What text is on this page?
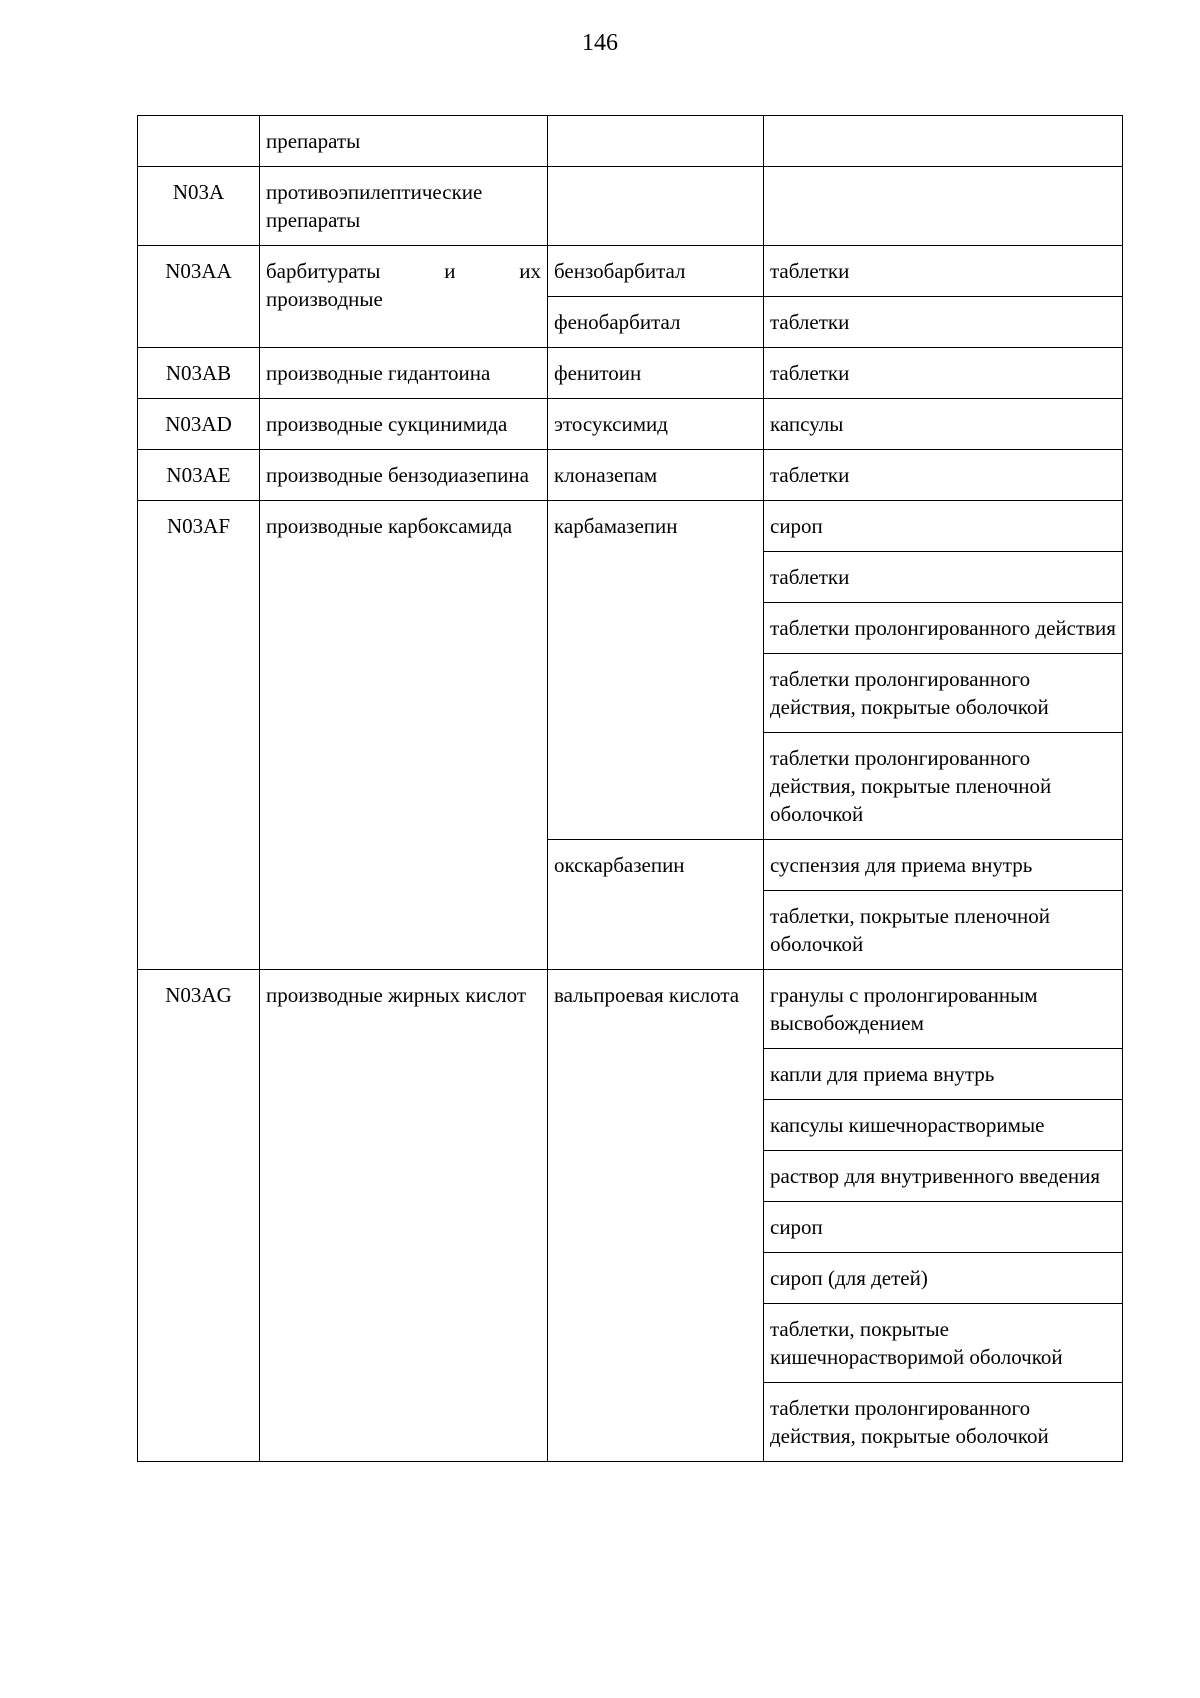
146
	препараты		
N03A	противоэпилептические препараты		
N03AA	барбитураты и их производные	бензобарбитал	таблетки
		фенобарбитал	таблетки
N03AB	производные гидантоина	фенитоин	таблетки
N03AD	производные сукцинимида	этосуксимид	капсулы
N03AE	производные бензодиазепина	клоназепам	таблетки
N03AF	производные карбоксамида	карбамазепин	сироп
			таблетки
			таблетки пролонгированного действия
			таблетки пролонгированного действия, покрытые оболочкой
			таблетки пролонгированного действия, покрытые пленочной оболочкой
		окскарбазепин	суспензия для приема внутрь
			таблетки, покрытые пленочной оболочкой
N03AG	производные жирных кислот	вальпроевая кислота	гранулы с пролонгированным высвобождением
			капли для приема внутрь
			капсулы кишечнорастворимые
			раствор для внутривенного введения
			сироп
			сироп (для детей)
			таблетки, покрытые кишечнорастворимой оболочкой
			таблетки пролонгированного действия, покрытые оболочкой
